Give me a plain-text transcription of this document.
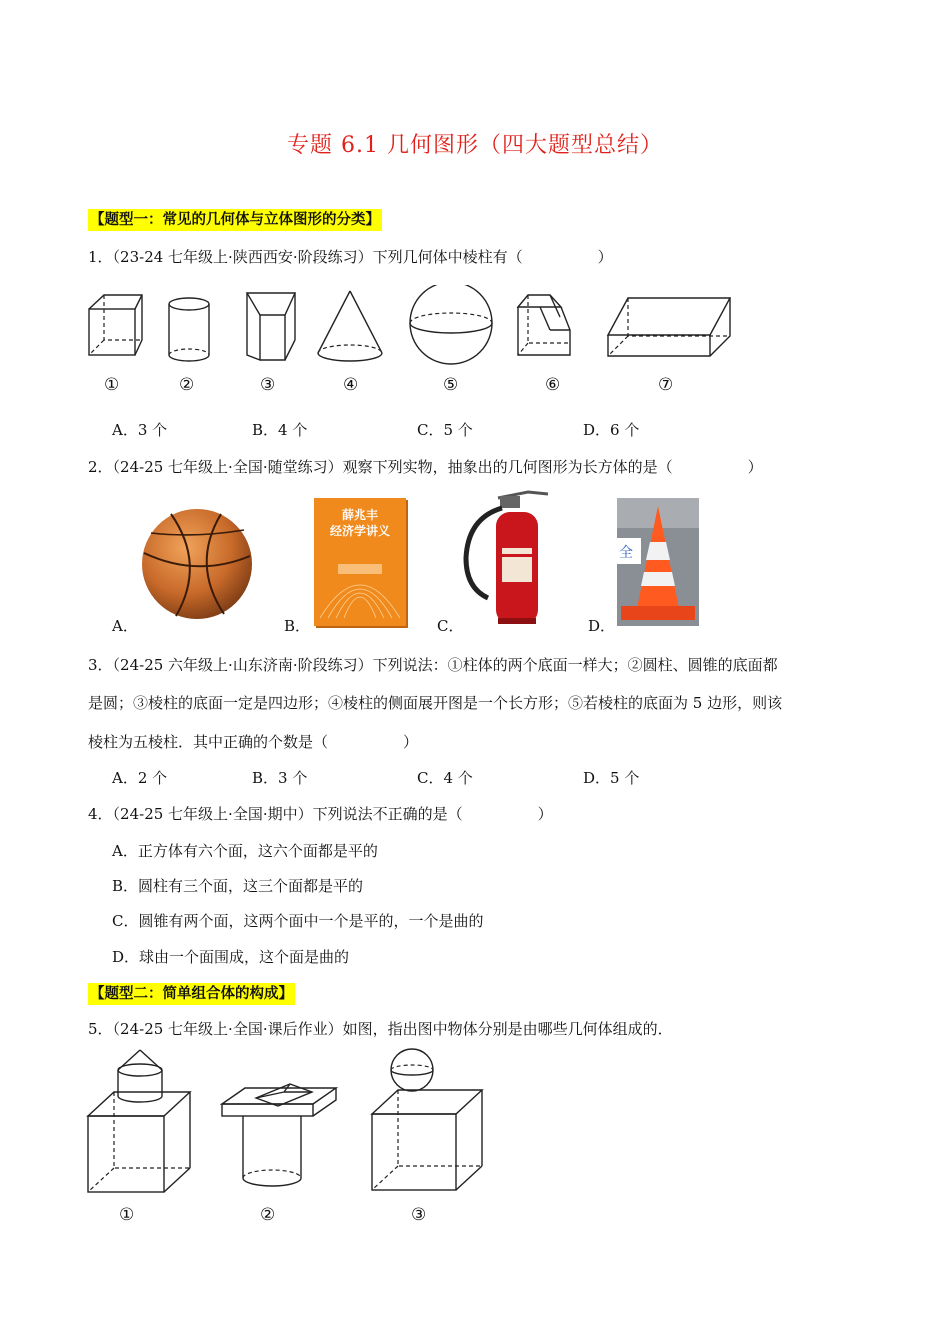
专题 6.1 几何图形（四大题型总结）
【题型一：常见的几何体与立体图形的分类】
1．（23-24 七年级上·陕西西安·阶段练习）下列几何体中棱柱有（　　　　　）
①	②	③	④	⑤	⑥	⑦
A．3 个	B．4 个	C．5 个	D．6 个
2．（24-25 七年级上·全国·随堂练习）观察下列实物，抽象出的几何图形为长方体的是（　　　　　）
A．	B．	C．	D．
薛兆丰
经济学讲义
全
3．（24-25 六年级上·山东济南·阶段练习）下列说法：①柱体的两个底面一样大；②圆柱、圆锥的底面都
是圆；③棱柱的底面一定是四边形；④棱柱的侧面展开图是一个长方形；⑤若棱柱的底面为 5 边形，则该
棱柱为五棱柱．其中正确的个数是（　　　　　）
A．2 个	B．3 个	C．4 个	D．5 个
4．（24-25 七年级上·全国·期中）下列说法不正确的是（　　　　　）
A．正方体有六个面，这六个面都是平的
B．圆柱有三个面，这三个面都是平的
C．圆锥有两个面，这两个面中一个是平的，一个是曲的
D．球由一个面围成，这个面是曲的
【题型二：简单组合体的构成】
5．（24-25 七年级上·全国·课后作业）如图，指出图中物体分别是由哪些几何体组成的．
①	②	③
